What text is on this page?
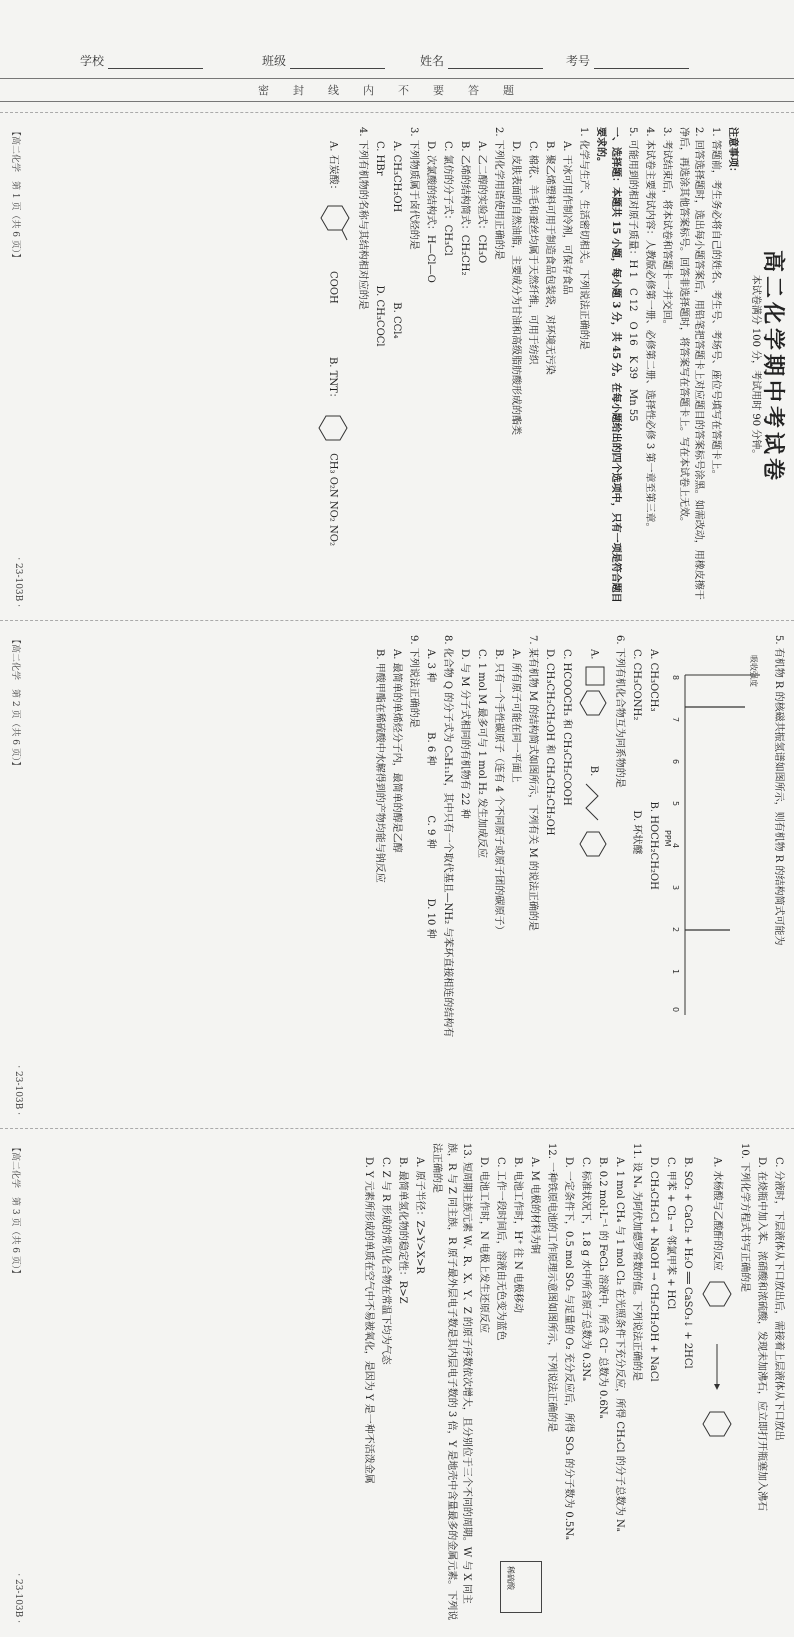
学校	班级	姓名	考号
密 封 线 内 不 要 答 题
高二化学期中考试卷
本试卷满分 100 分，考试用时 90 分钟。

注意事项：

1. 答题前，考生务必将自己的姓名、考生号、考场号、座位号填写在答题卡上。

2. 回答选择题时，选出每小题答案后，用铅笔把答题卡上对应题目的答案标号涂黑。如需改动，用橡皮擦干净后，再选涂其他答案标号。回答非选择题时，将答案写在答题卡上。写在本试卷上无效。

3. 考试结束后，将本试卷和答题卡一并交回。

4. 本试卷主要考试内容：人教版必修第一册、必修第二册、选择性必修 3 第一章至第三章。

5. 可能用到的相对原子质量：H 1　C 12　O 16　K 39　Mn 55

一、选择题：本题共 15 小题，每小题 3 分，共 45 分。在每小题给出的四个选项中，只有一项是符合题目要求的。

1. 化学与生产、生活密切相关。下列说法正确的是

A. 干冰可用作制冷剂，可保存食品

B. 聚乙烯塑料可用于制造食品包装袋，对环境无污染

C. 棉花、羊毛和蚕丝均属于天然纤维，可用于纺织

D. 皮肤表面的自然油脂，主要成分为甘油和高级脂肪酸形成的酯类

2. 下列化学用语使用正确的是

A. 乙二醇的实验式：CH₃O

B. 乙烯的结构简式：CH₂CH₂

C. 氯仿的分子式：CH₃Cl

D. 次氯酸的结构式：H—Cl—O

3. 下列物质属于卤代烃的是

A. CH₃CH₂OH　　　　　　　　　B. CCl₄

C. HBr　　　　　　　　　　　D. CH₃COCl

4. 下列有机物的名称与其结构相对应的是

A. 石炭酸：  COOH B. TNT：  CH₃ O₂N NO₂ NO₂
【高二化学　第 1 页（共 6 页）】
· 23-103B ·

5. 有机物 R 的核磁共振氢谱如图所示，则有机物 R 的结构简式可能为

8
7
6
5
4
3
2
1
0
PPM
吸收强度

A. CH₃OCH₃　　　　　　　　　B. HOCH₂CH₂OH

C. CH₃CONH₂　　　　　　　　　D. 环状醚

6. 下列有机化合物互为同系物的是

A.  B.

C. HCOOCH₃ 和 CH₃CH₂COOH

D. CH₃CH₂CH₂OH 和 CH₃CH₂CH₂OH

7. 某有机物 M 的结构简式如图所示，下列有关 M 的说法正确的是

A. 所有原子可能在同一平面上

B. 只有一个手性碳原子（连有 4 个不同原子或原子团的碳原子）

C. 1 mol M 最多可与 1 mol H₂ 发生加成反应

D. 与 M 分子式相同的有机物有 22 种

8. 化合物 Q 的分子式为 C₅H₁₁N，其中只有一个取代基且—NH₂ 与苯环直接相连的结构有

A. 3 种　　　　　B. 6 种　　　　　C. 9 种　　　　　D. 10 种

9. 下列说法正确的是

A. 最简单的单烯烃分子内，最简单的醇是乙醇

B. 甲酸甲酯在稀硫酸中水解得到的产物均能与钠反应

【高二化学　第 2 页（共 6 页）】
· 23-103B ·

C. 分液时，下层液体从下口放出后，需接着上层液体从下口放出

D. 在烧瓶中加入苯、浓硝酸和浓硫酸，发现未加沸石，应立即打开瓶塞加入沸石

10. 下列化学方程式书写正确的是

A. 水杨酸与乙酸酐的反应

B. SO₂ + CaCl₂ + H₂O ══ CaSO₃↓ + 2HCl

C. 甲苯 + Cl₂ → 邻氯甲苯 + HCl

D. CH₃CH₂Cl + NaOH → CH₂CH₂OH + NaCl

11. 设 Nₐ 为阿伏加德罗常数的值。下列说法正确的是

A. 1 mol CH₄ 与 1 mol Cl₂ 在光照条件下充分反应，所得 CH₃Cl 的分子总数为 Nₐ

B. 0.2 mol·L⁻¹ 的 FeCl₃ 溶液中，所含 Cl⁻ 总数为 0.6Nₐ

C. 标准状况下，1.8 g 水中所含原子总数为 0.3Nₐ

D. 一定条件下，0.5 mol SO₂ 与足量的 O₂ 充分反应后，所得 SO₃ 的分子数为 0.5Nₐ

12. 一种铁原电池的工作原理示意图如图所示，下列说法正确的是

A. M 电极的材料为铜

B. 电池工作时，H⁺ 往 N 电极移动

C. 工作一段时间后，溶液由无色变为蓝色

D. 电池工作时，N 电极上发生还原反应

稀硫酸

13. 短周期主族元素 W、R、X、Y、Z 的原子序数依次增大，且分别位于三个不同的周期。W 与 X 同主族，R 与 Z 同主族，R 原子最外层电子数是其内层电子数的 3 倍，Y 是地壳中含量最多的金属元素。下列说法正确的是

A. 原子半径：Z>Y>X>R

B. 最简单氢化物的稳定性：R>Z

C. Z 与 R 形成的常见化合物在常温下均为气态

D. Y 元素所形成的单质在空气中不易被氧化，是因为 Y 是一种不活泼金属

【高二化学　第 3 页（共 6 页）】
· 23-103B ·
